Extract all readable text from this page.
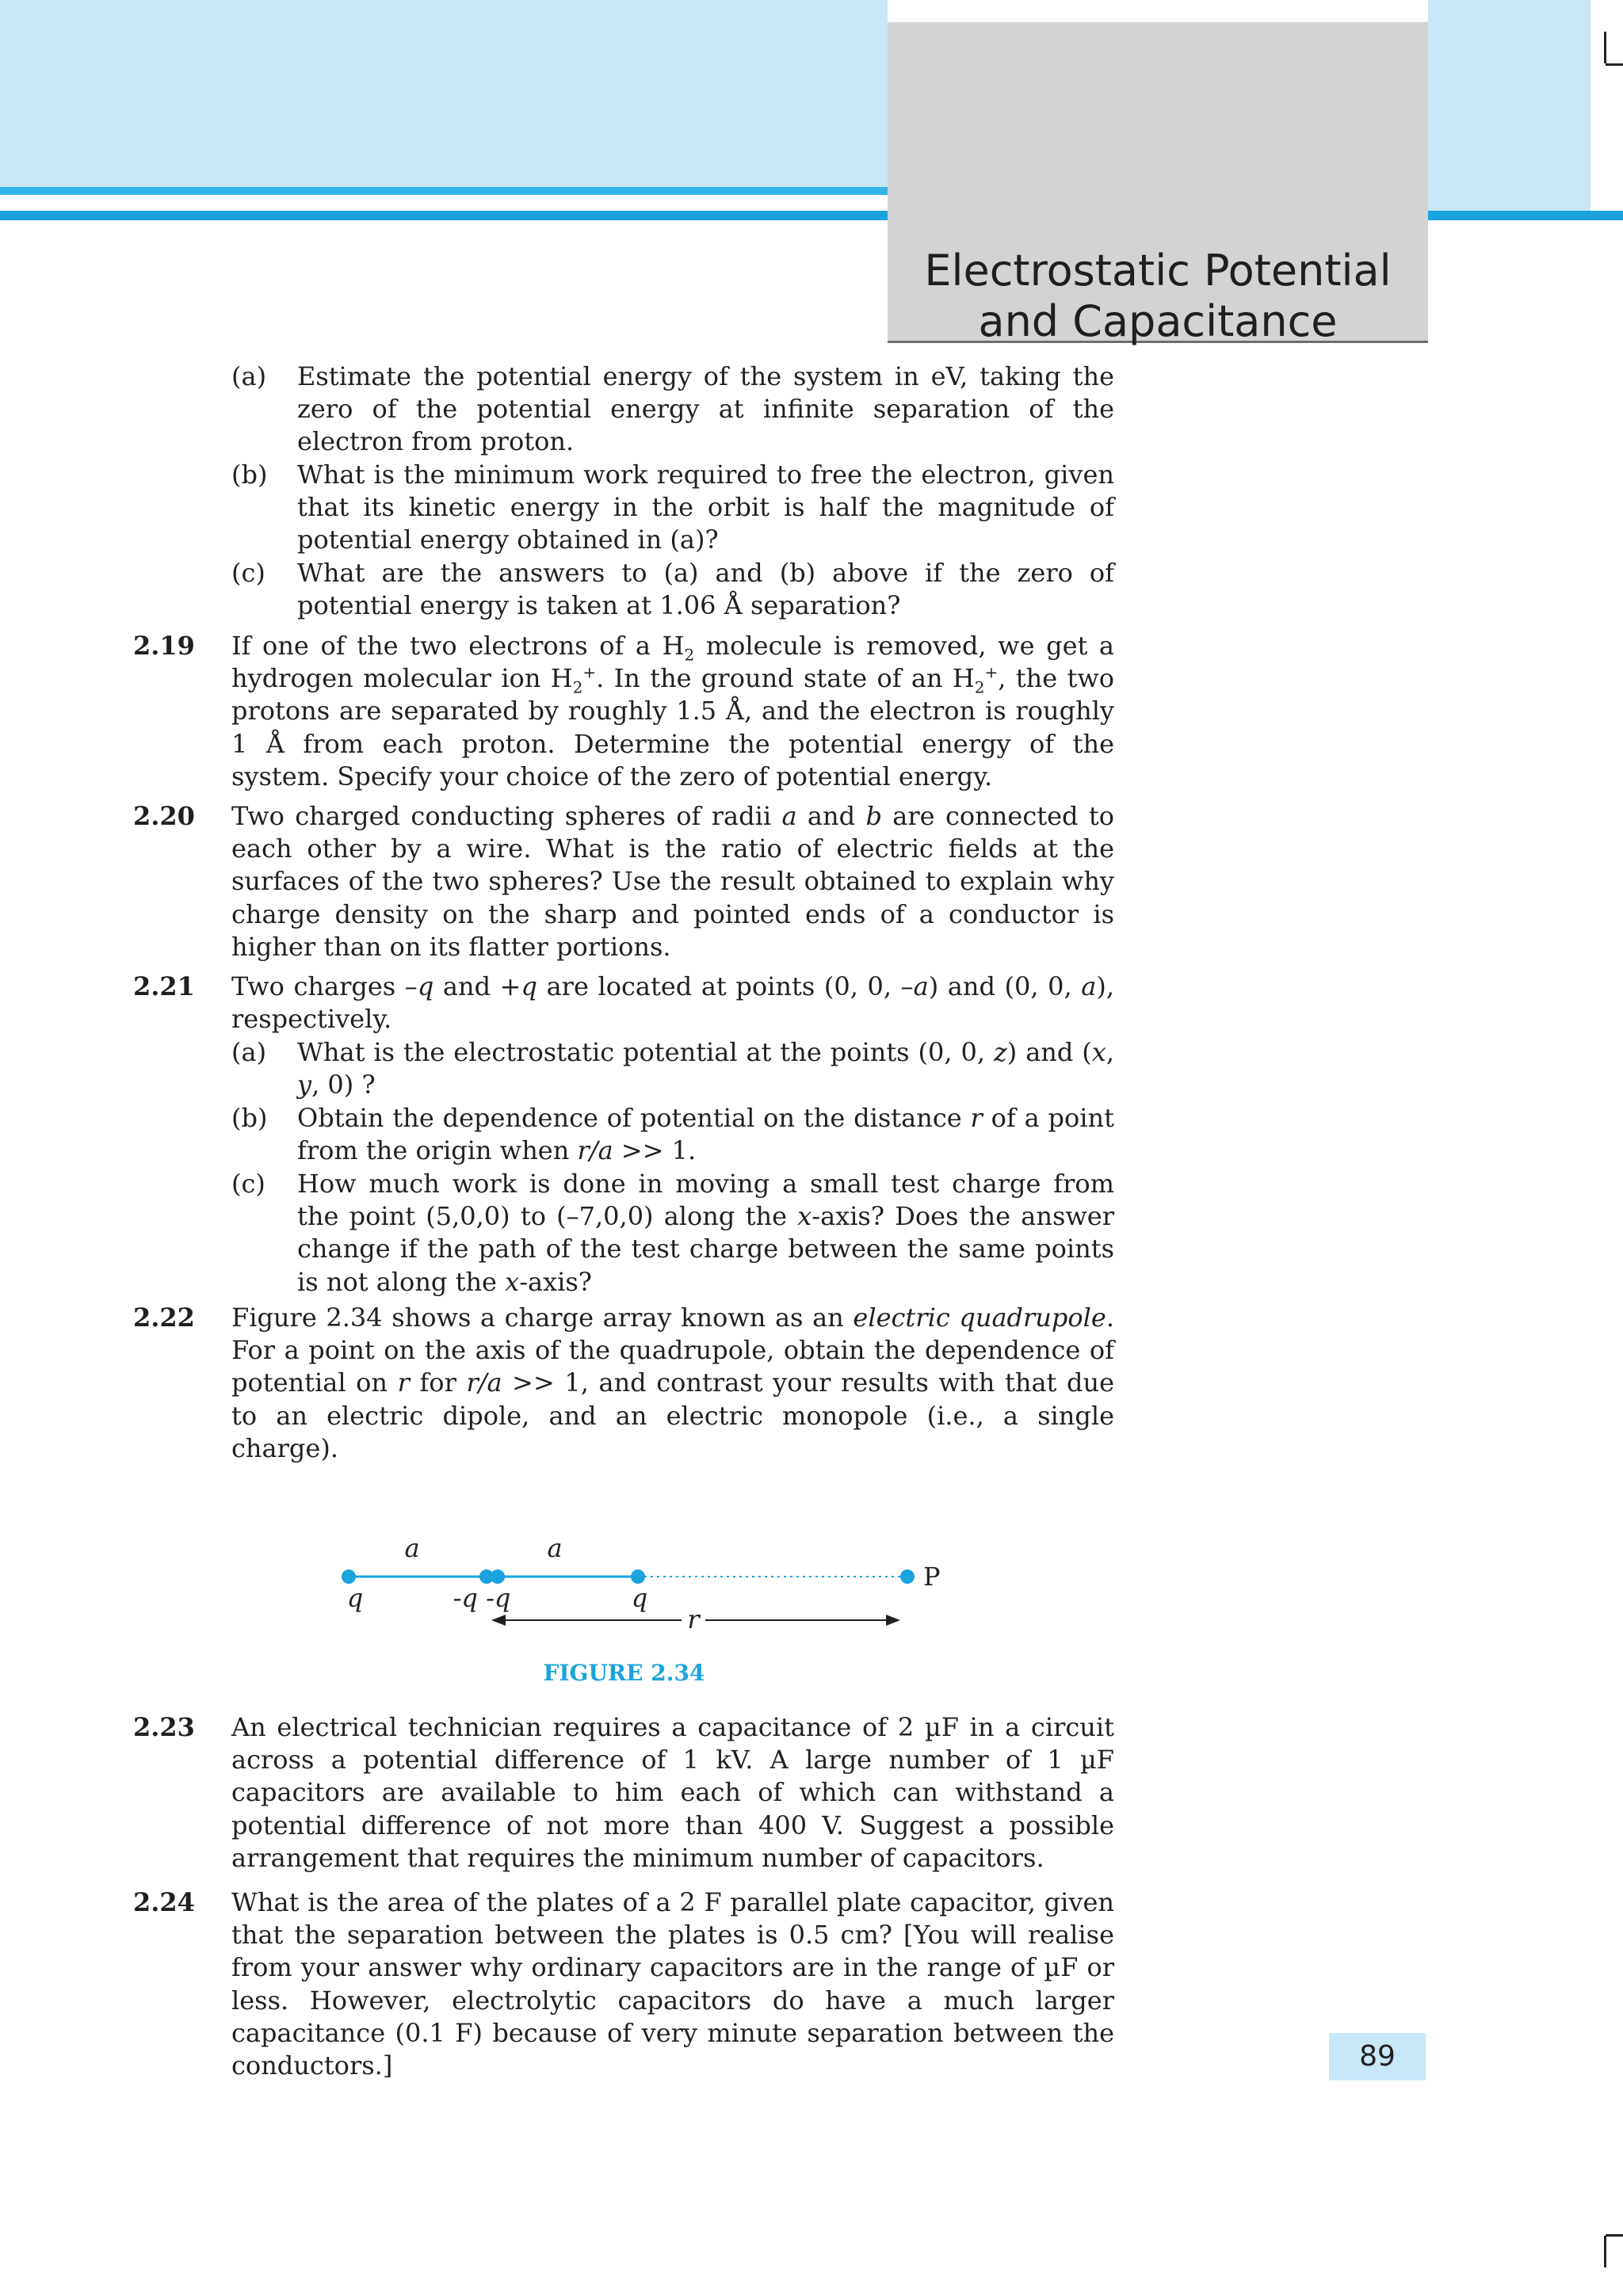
Electrostatic Potential
and Capacitance
(a) Estimate the potential energy of the system in eV, taking the zero of the potential energy at infinite separation of the electron from proton.

(b) What is the minimum work required to free the electron, given that its kinetic energy in the orbit is half the magnitude of potential energy obtained in (a)?

(c) What are the answers to (a) and (b) above if the zero of potential energy is taken at 1.06 Å separation?

2.19 If one of the two electrons of a $H_2$ molecule is removed, we get a hydrogen molecular ion $H_2^+$. In the ground state of an $H_2^+$, the two protons are separated by roughly 1.5 Å, and the electron is roughly 1 Å from each proton. Determine the potential energy of the system. Specify your choice of the zero of potential energy.

2.20 Two charged conducting spheres of radii a and b are connected to each other by a wire. What is the ratio of electric fields at the surfaces of the two spheres? Use the result obtained to explain why charge density on the sharp and pointed ends of a conductor is higher than on its flatter portions.

2.21 Two charges –q and +q are located at points (0, 0, –a) and (0, 0, a), respectively.

(a) What is the electrostatic potential at the points (0, 0, z) and (x, y, 0) ?

(b) Obtain the dependence of potential on the distance r of a point from the origin when r/a >> 1.

(c) How much work is done in moving a small test charge from the point (5,0,0) to (–7,0,0) along the x-axis? Does the answer change if the path of the test charge between the same points is not along the x-axis?

2.22 Figure 2.34 shows a charge array known as an electric quadrupole. For a point on the axis of the quadrupole, obtain the dependence of potential on r for r/a >> 1, and contrast your results with that due to an electric dipole, and an electric monopole (i.e., a single charge).

a	a
q	-q -q	q
P
r
FIGURE 2.34
2.23 An electrical technician requires a capacitance of 2 µF in a circuit across a potential difference of 1 kV. A large number of 1 µF capacitors are available to him each of which can withstand a potential difference of not more than 400 V. Suggest a possible arrangement that requires the minimum number of capacitors.

2.24 What is the area of the plates of a 2 F parallel plate capacitor, given that the separation between the plates is 0.5 cm? [You will realise from your answer why ordinary capacitors are in the range of µF or less. However, electrolytic capacitors do have a much larger capacitance (0.1 F) because of very minute separation between the conductors.]	89
